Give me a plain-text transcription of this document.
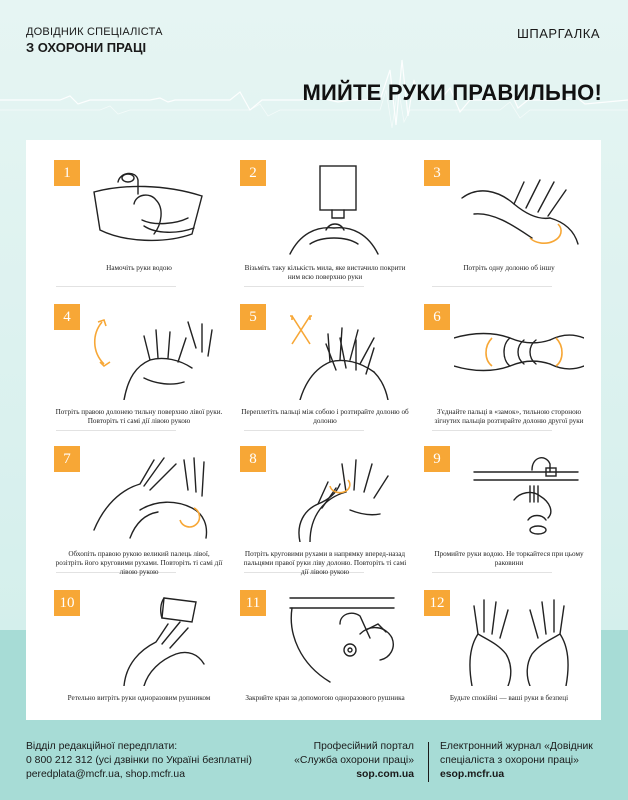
ДОВІДНИК СПЕЦІАЛІСТА
З ОХОРОНИ ПРАЦІ
ШПАРГАЛКА
МИЙТЕ РУКИ ПРАВИЛЬНО!
1
Намочіть руки водою
2
Візьміть таку кількість мила, яке вистачило покрити ним всю поверхню руки
3
Потріть одну долоню об іншу
4
Потріть правою долонею тильну поверхню лівої руки. Повторіть ті самі дії лівою рукою
5
Переплетіть пальці між собою і розтирайте долоню об долоню
6
З'єднайте пальці в «замок», тильною стороною зігнутих пальців розтирайте долоню другої руки
7
Обхопіть правою рукою великий палець лівої, розітріть його круговими рухами. Повторіть ті самі дії лівою рукою
8
Потріть круговими рухами в напрямку вперед-назад пальцями правої руки ліву долоню. Повторіть ті самі дії лівою рукою
9
Промийте руки водою. Не торкайтеся при цьому раковини
10
Ретельно витріть руки одноразовим рушником
11
Закрийте кран за допомогою одноразового рушника
12
Будьте спокійні — ваші руки в безпеці
Відділ редакційної передплати:
0 800 212 312 (усі дзвінки по Україні безплатні)
peredplata@mcfr.ua, shop.mcfr.ua
Професійний портал
«Служба охорони праці»
sop.com.ua
Електронний журнал «Довідник
спеціаліста з охорони праці»
esop.mcfr.ua
